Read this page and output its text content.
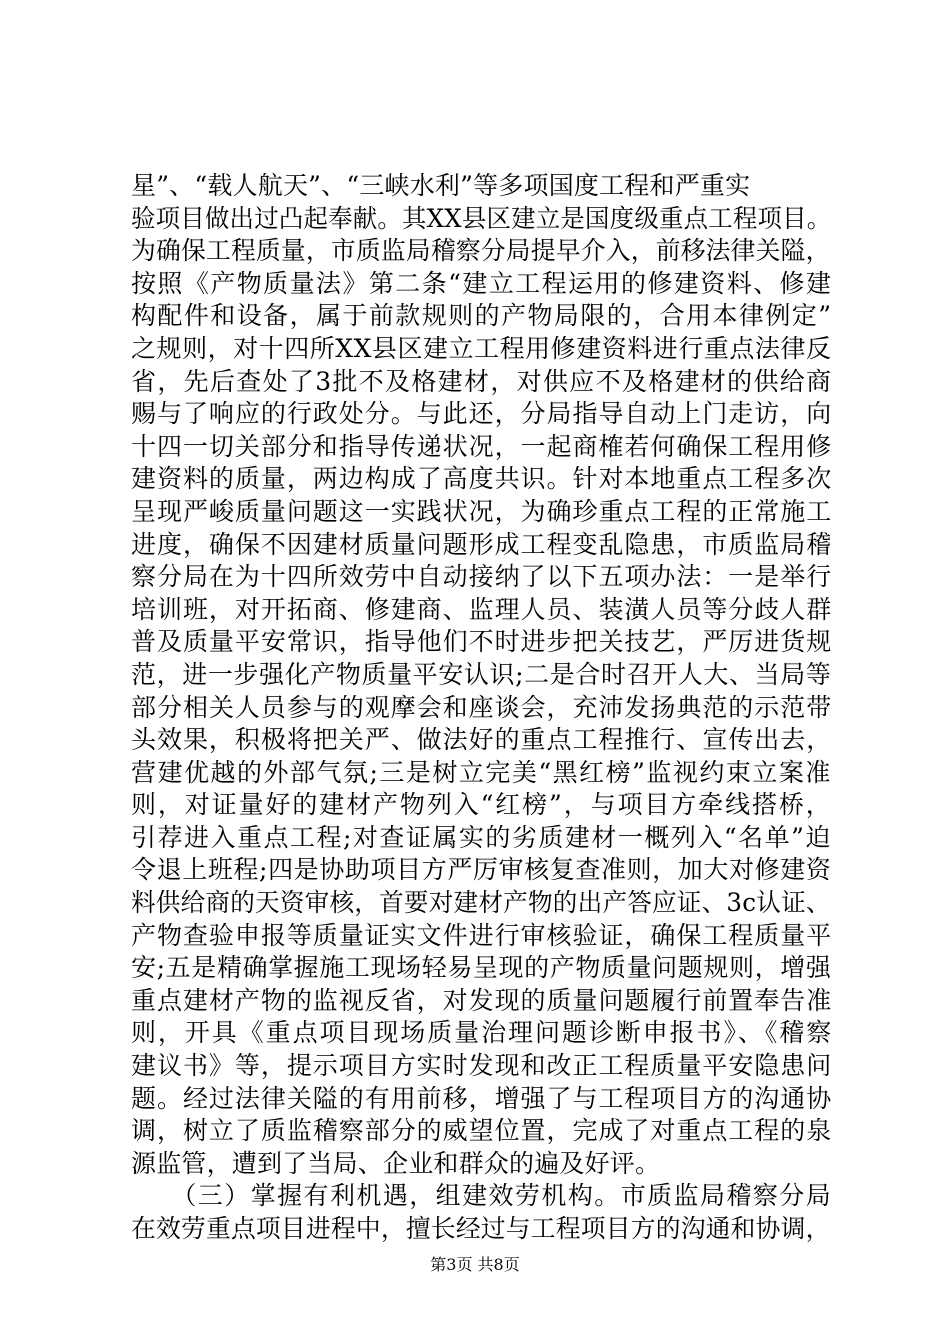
星”、“载人航天”、“三峡水利”等多项国度工程和严重实
验项目做出过凸起奉献。其XX县区建立是国度级重点工程项目。
为确保工程质量，市质监局稽察分局提早介入，前移法律关隘，
按照《产物质量法》第二条“建立工程运用的修建资料、修建
构配件和设备，属于前款规则的产物局限的，合用本律例定”
之规则，对十四所XX县区建立工程用修建资料进行重点法律反
省，先后查处了3批不及格建材，对供应不及格建材的供给商
赐与了响应的行政处分。与此还，分局指导自动上门走访，向
十四一切关部分和指导传递状况，一起商榷若何确保工程用修
建资料的质量，两边构成了高度共识。针对本地重点工程多次
呈现严峻质量问题这一实践状况，为确珍重点工程的正常施工
进度，确保不因建材质量问题形成工程变乱隐患，市质监局稽
察分局在为十四所效劳中自动接纳了以下五项办法：一是举行
培训班，对开拓商、修建商、监理人员、装潢人员等分歧人群
普及质量平安常识，指导他们不时进步把关技艺，严厉进货规
范，进一步强化产物质量平安认识;二是合时召开人大、当局等
部分相关人员参与的观摩会和座谈会，充沛发扬典范的示范带
头效果，积极将把关严、做法好的重点工程推行、宣传出去，
营建优越的外部气氛;三是树立完美“黑红榜”监视约束立案准
则，对证量好的建材产物列入“红榜”，与项目方牵线搭桥，
引荐进入重点工程;对查证属实的劣质建材一概列入“名单”迫
令退上班程;四是协助项目方严厉审核复查准则，加大对修建资
料供给商的天资审核，首要对建材产物的出产答应证、3c认证、
产物查验申报等质量证实文件进行审核验证，确保工程质量平
安;五是精确掌握施工现场轻易呈现的产物质量问题规则，增强
重点建材产物的监视反省，对发现的质量问题履行前置奉告准
则，开具《重点项目现场质量治理问题诊断申报书》、《稽察
建议书》等，提示项目方实时发现和改正工程质量平安隐患问
题。经过法律关隘的有用前移，增强了与工程项目方的沟通协
调，树立了质监稽察部分的威望位置，完成了对重点工程的泉
源监管，遭到了当局、企业和群众的遍及好评。
　　（三）掌握有利机遇，组建效劳机构。市质监局稽察分局
在效劳重点项目进程中，擅长经过与工程项目方的沟通和协调，
第3页 共8页
